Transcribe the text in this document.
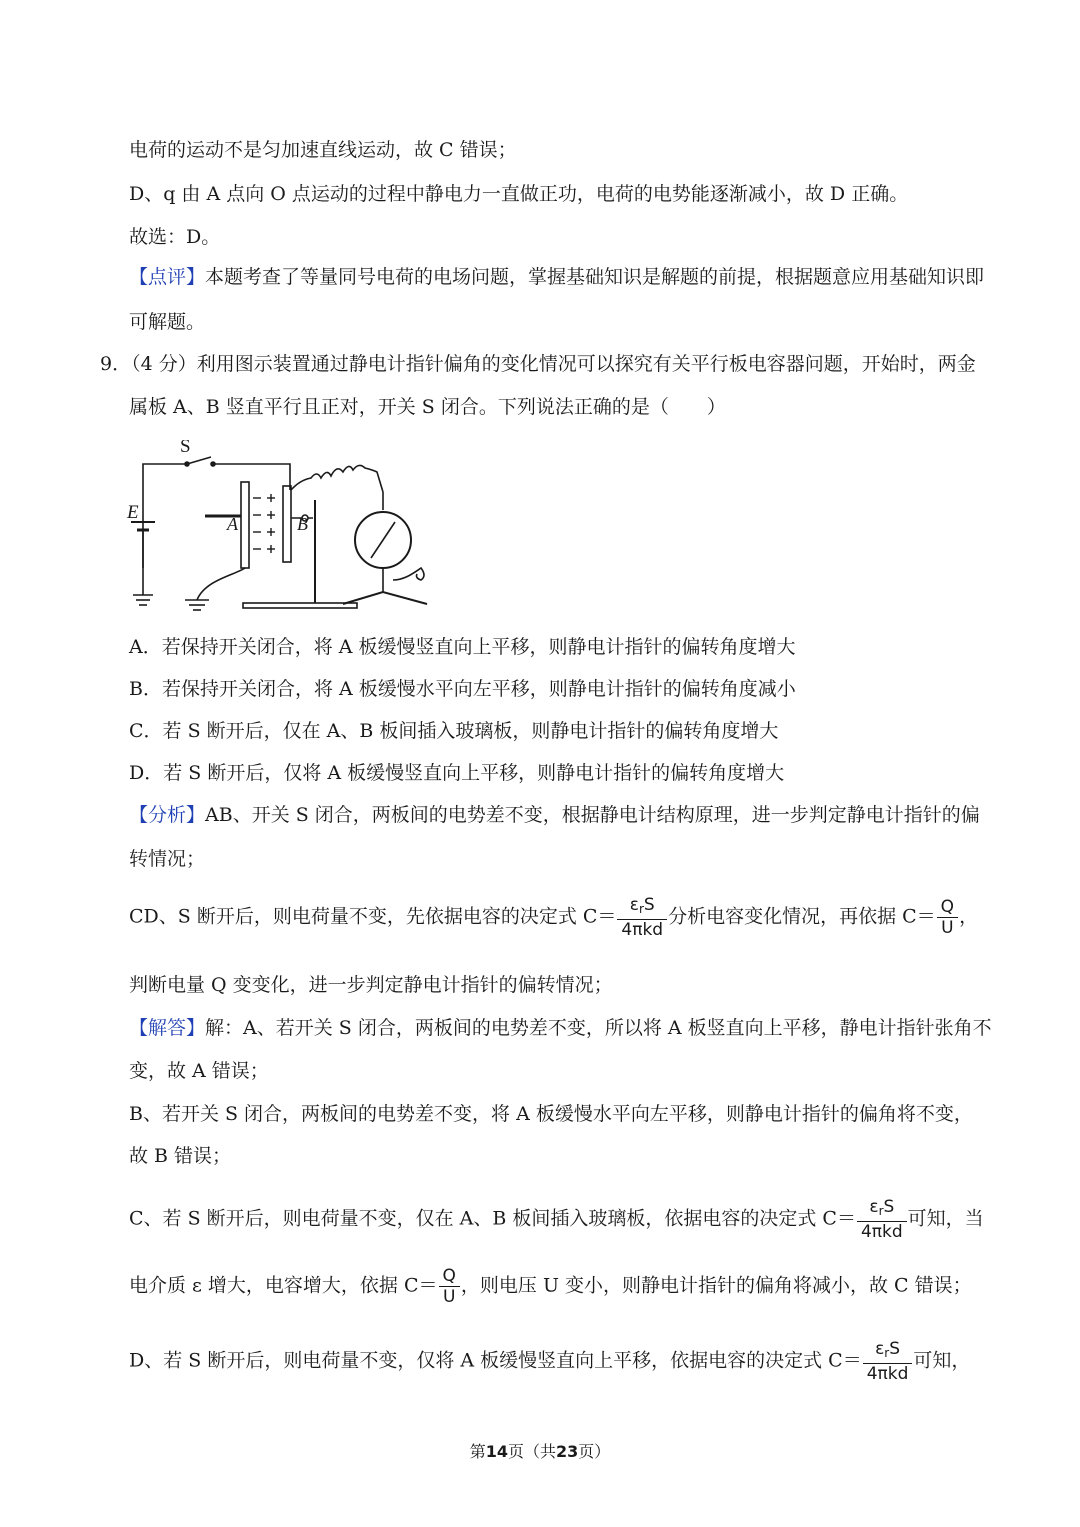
电荷的运动不是匀加速直线运动，故 C 错误；
D、q 由 A 点向 O 点运动的过程中静电力一直做正功，电荷的电势能逐渐减小，故 D 正确。
故选：D。
【点评】本题考查了等量同号电荷的电场问题，掌握基础知识是解题的前提，根据题意应用基础知识即
可解题。
9．（4 分）利用图示装置通过静电计指针偏角的变化情况可以探究有关平行板电容器问题，开始时，两金
属板 A、B 竖直平行且正对，开关 S 闭合。下列说法正确的是（　　）
S
E
A	B
A．若保持开关闭合，将 A 板缓慢竖直向上平移，则静电计指针的偏转角度增大
B．若保持开关闭合，将 A 板缓慢水平向左平移，则静电计指针的偏转角度减小
C．若 S 断开后，仅在 A、B 板间插入玻璃板，则静电计指针的偏转角度增大
D．若 S 断开后，仅将 A 板缓慢竖直向上平移，则静电计指针的偏转角度增大
【分析】AB、开关 S 闭合，两板间的电势差不变，根据静电计结构原理，进一步判定静电计指针的偏
转情况；
CD、S 断开后，则电荷量不变，先依据电容的决定式 $C= \frac{\varepsilon_rS}{\text{4πkd}}$ 分析电容变化情况，再依据 $C= \frac{Q}{U}$ ，
判断电量 Q 变变化，进一步判定静电计指针的偏转情况；
【解答】解：A、若开关 S 闭合，两板间的电势差不变，所以将 A 板竖直向上平移，静电计指针张角不
变，故 A 错误；
B、若开关 S 闭合，两板间的电势差不变，将 A 板缓慢水平向左平移，则静电计指针的偏角将不变，
故 B 错误；
C、若 S 断开后，则电荷量不变，仅在 A、B 板间插入玻璃板，依据电容的决定式 $C= \frac{\varepsilon_rS}{\text{4πkd}}$ 可知，当
电介质 ε 增大，电容增大，依据 $C= \frac{Q}{U}$ ，则电压 U 变小，则静电计指针的偏角将减小，故 C 错误；
D、若 S 断开后，则电荷量不变，仅将 A 板缓慢竖直向上平移，依据电容的决定式 $C= \frac{\varepsilon_rS}{\text{4πkd}}$ 可知，
第14页（共23页）
